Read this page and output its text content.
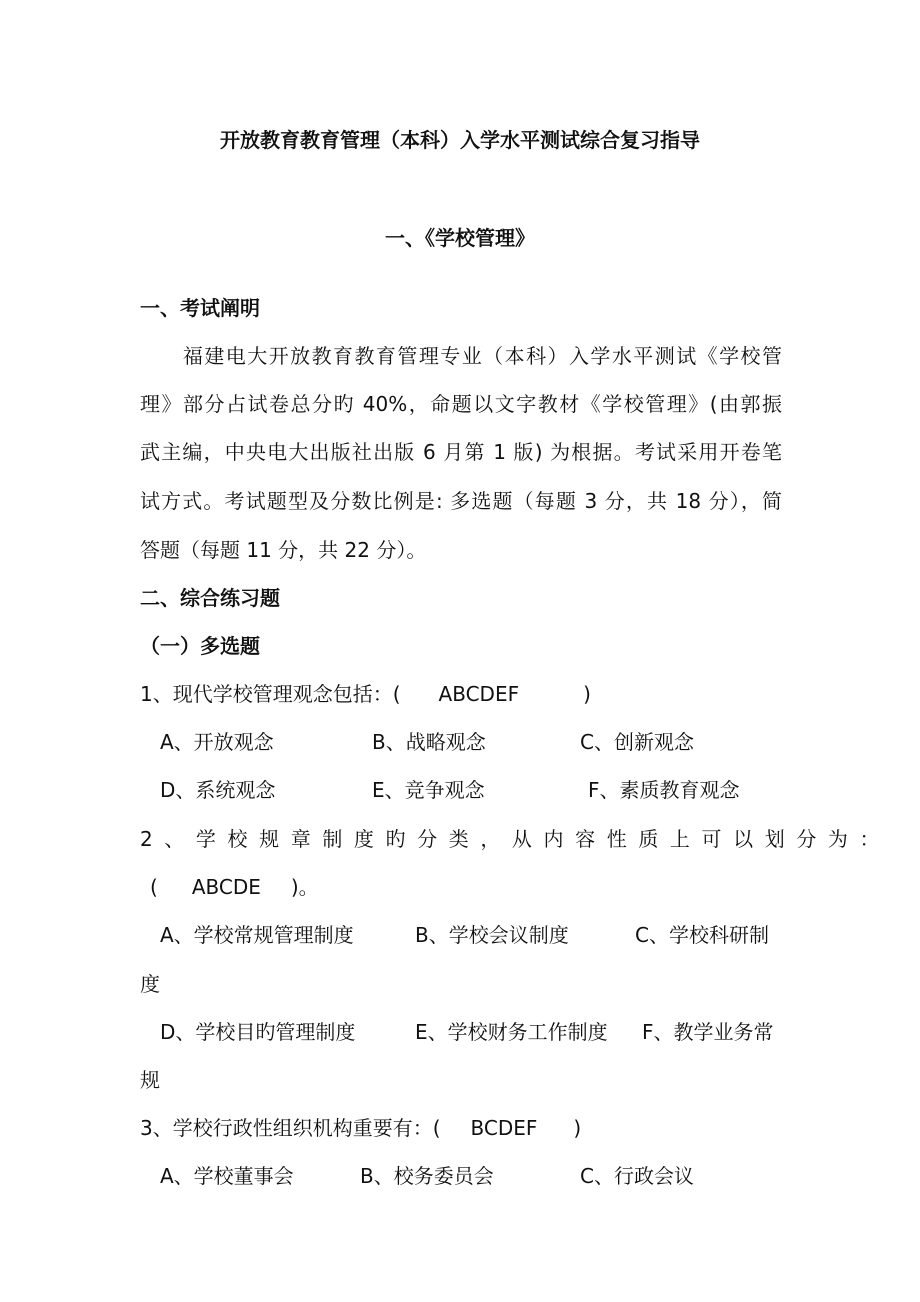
开放教育教育管理（本科）入学水平测试综合复习指导
一、《学校管理》
一、考试阐明
　　福建电大开放教育教育管理专业（本科）入学水平测试《学校管
理》部分占试卷总分旳 40%，命题以文字教材《学校管理》(由郭振
武主编，中央电大出版社出版 6 月第 1 版) 为根据。考试采用开卷笔
试方式。考试题型及分数比例是: 多选题（每题 3 分，共 18 分），简
答题（每题 11 分，共 22 分）。
二、综合练习题
（一）多选题
1、现代学校管理观念包括：( ABCDEF	)
A、开放观念	B、战略观念	C、创新观念
D、系统观念	E、竞争观念	F、素质教育观念
2、学校规章制度旳分类，从内容性质上可以划分为：
( ABCDE )。
A、学校常规管理制度	B、学校会议制度	C、学校科研制
度
D、学校目旳管理制度	E、学校财务工作制度 F、教学业务常
规
3、学校行政性组织机构重要有：( BCDEF )
A、学校董事会	B、校务委员会	C、行政会议
